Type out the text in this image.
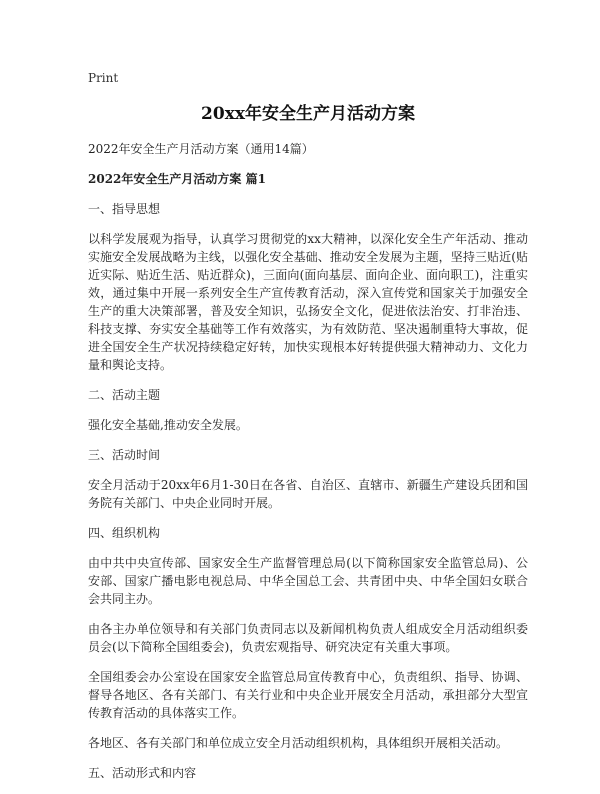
Print
20xx年安全生产月活动方案
2022年安全生产月活动方案（通用14篇）
2022年安全生产月活动方案 篇1
一、指导思想
以科学发展观为指导，认真学习贯彻党的xx大精神，以深化安全生产年活动、推动实施安全发展战略为主线，以强化安全基础、推动安全发展为主题，坚持三贴近(贴近实际、贴近生活、贴近群众)，三面向(面向基层、面向企业、面向职工)，注重实效，通过集中开展一系列安全生产宣传教育活动，深入宣传党和国家关于加强安全生产的重大决策部署，普及安全知识，弘扬安全文化，促进依法治安、打非治违、科技支撑、夯实安全基础等工作有效落实，为有效防范、坚决遏制重特大事故，促进全国安全生产状况持续稳定好转，加快实现根本好转提供强大精神动力、文化力量和舆论支持。
二、活动主题
强化安全基础,推动安全发展。
三、活动时间
安全月活动于20xx年6月1-30日在各省、自治区、直辖市、新疆生产建设兵团和国务院有关部门、中央企业同时开展。
四、组织机构
由中共中央宣传部、国家安全生产监督管理总局(以下简称国家安全监管总局)、公安部、国家广播电影电视总局、中华全国总工会、共青团中央、中华全国妇女联合会共同主办。
由各主办单位领导和有关部门负责同志以及新闻机构负责人组成安全月活动组织委员会(以下简称全国组委会)，负责宏观指导、研究决定有关重大事项。
全国组委会办公室设在国家安全监管总局宣传教育中心，负责组织、指导、协调、督导各地区、各有关部门、有关行业和中央企业开展安全月活动，承担部分大型宣传教育活动的具体落实工作。
各地区、各有关部门和单位成立安全月活动组织机构，具体组织开展相关活动。
五、活动形式和内容
